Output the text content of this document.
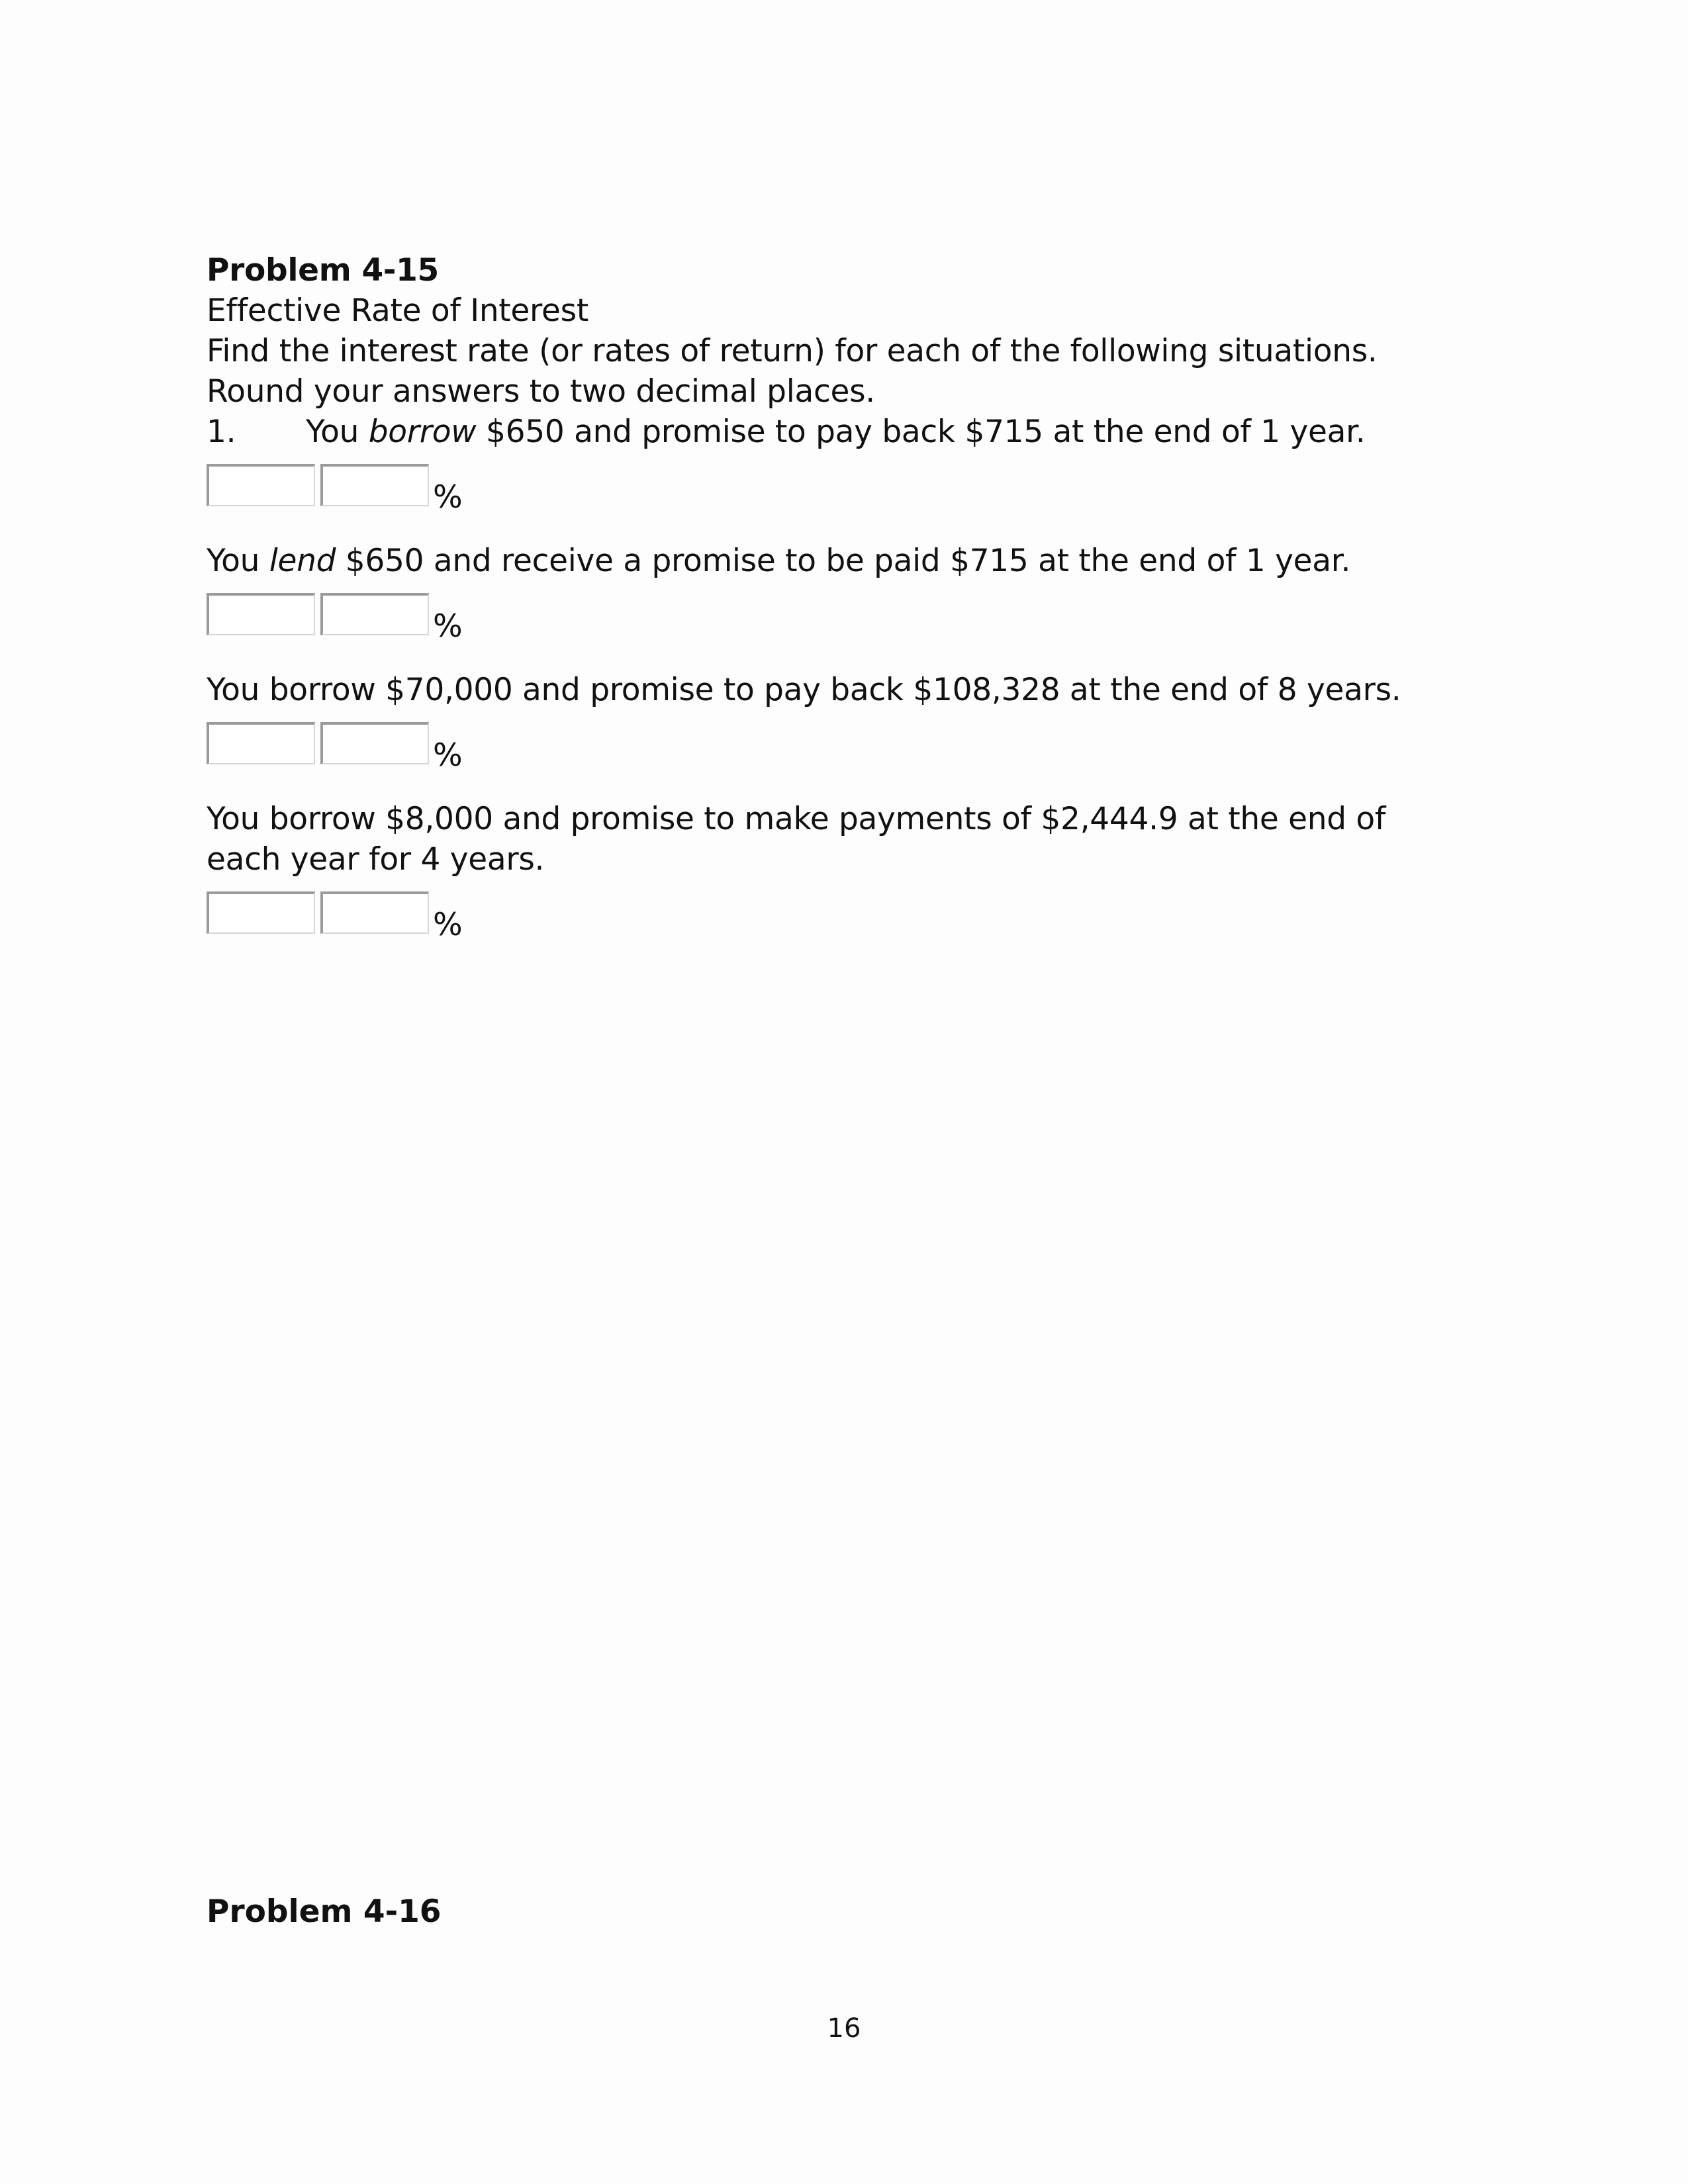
Problem 4-15
Effective Rate of Interest
Find the interest rate (or rates of return) for each of the following situations. Round your answers to two decimal places.
1. You borrow $650 and promise to pay back $715 at the end of 1 year.
%
You lend $650 and receive a promise to be paid $715 at the end of 1 year.
%
You borrow $70,000 and promise to pay back $108,328 at the end of 8 years.
%
You borrow $8,000 and promise to make payments of $2,444.9 at the end of each year for 4 years.
%
Problem 4-16
16
